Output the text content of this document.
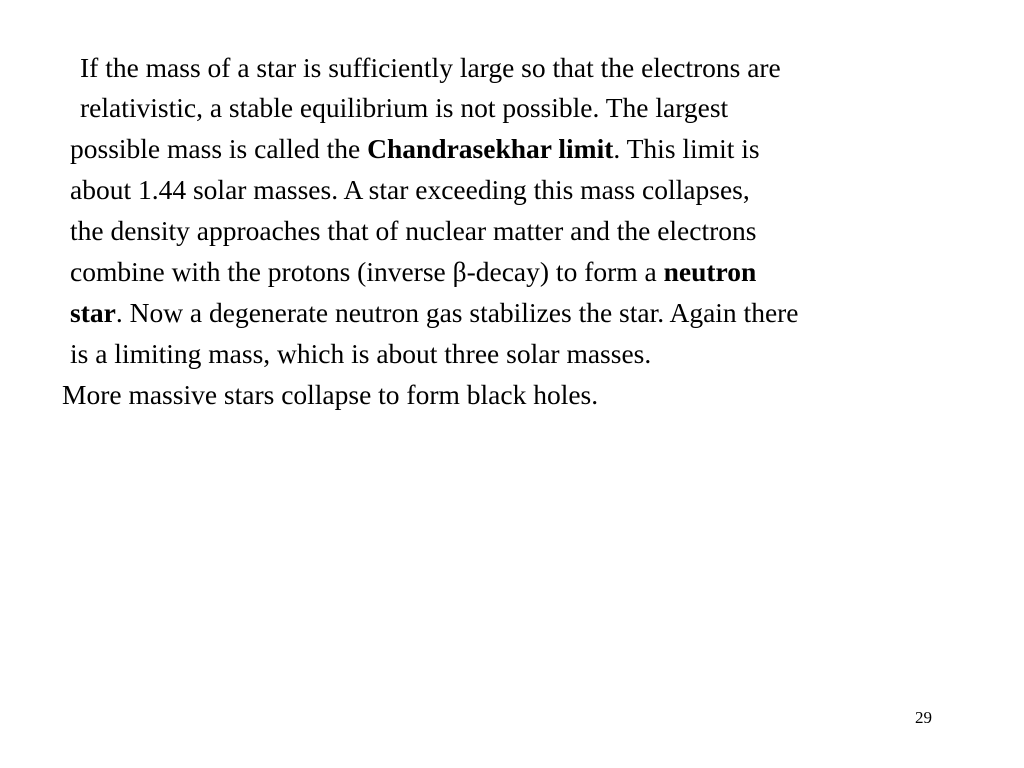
If the mass of a star is sufficiently large so that the electrons are
relativistic, a stable equilibrium is not possible. The largest
possible mass is called the Chandrasekhar limit. This limit is
about 1.44 solar masses. A star exceeding this mass collapses,
the density approaches that of nuclear matter and the electrons
combine with the protons (inverse β-decay) to form a neutron
star. Now a degenerate neutron gas stabilizes the star. Again there
is a limiting mass, which is about three solar masses.
More massive stars collapse to form black holes.
29
